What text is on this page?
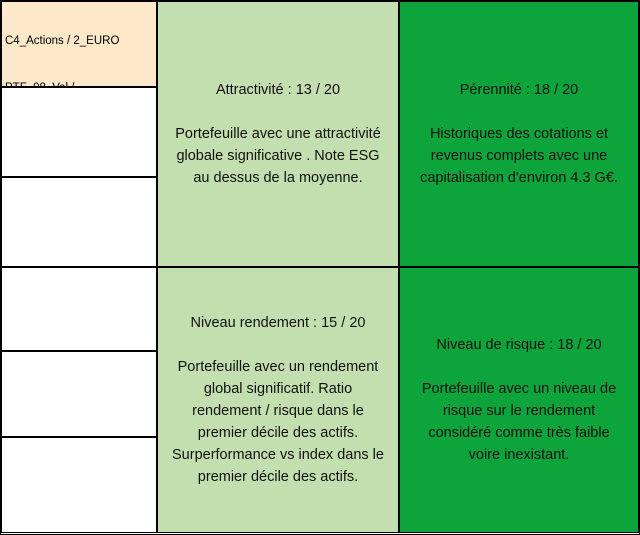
C4_Actions / 2_EURO

Attractivité : 13 / 20
Portefeuille avec une attractivité
globale significative . Note ESG
au dessus de la moyenne.
Pérennité : 18 / 20
Historiques des cotations et
revenus complets avec une
capitalisation d'environ 4.3 G€.
Niveau rendement : 15 / 20
Portefeuille avec un rendement
global significatif. Ratio
rendement / risque dans le
premier décile des actifs.
Surperformance vs index dans le
premier décile des actifs.
Niveau de risque : 18 / 20
Portefeuille avec un niveau de
risque sur le rendement
considéré comme très faible
voire inexistant.
